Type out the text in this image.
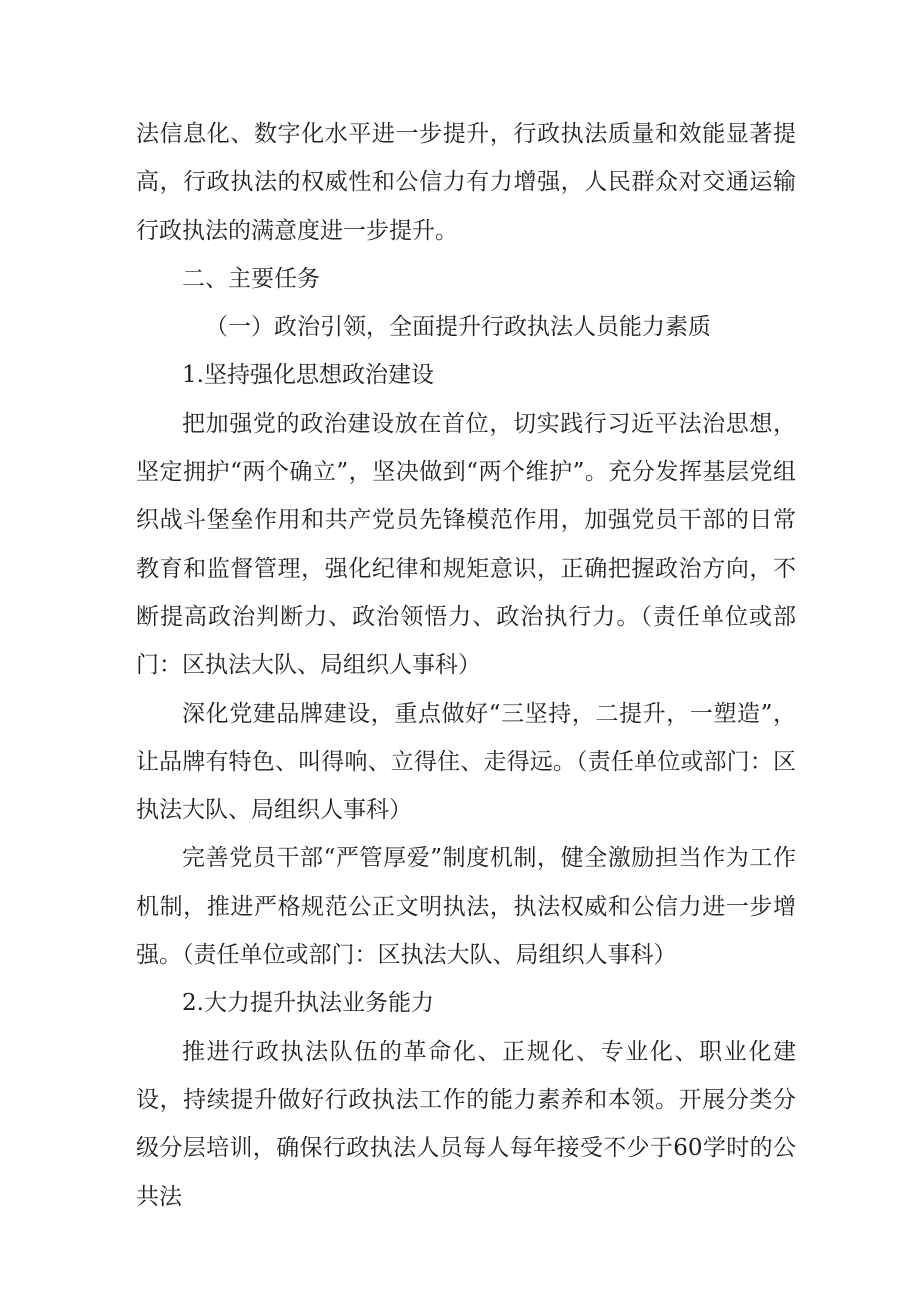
法信息化、数字化水平进一步提升，行政执法质量和效能显著提高，行政执法的权威性和公信力有力增强，人民群众对交通运输行政执法的满意度进一步提升。

二、主要任务

（一）政治引领，全面提升行政执法人员能力素质

1.坚持强化思想政治建设

把加强党的政治建设放在首位，切实践行习近平法治思想，坚定拥护“两个确立”，坚决做到“两个维护”。充分发挥基层党组织战斗堡垒作用和共产党员先锋模范作用，加强党员干部的日常教育和监督管理，强化纪律和规矩意识，正确把握政治方向，不断提高政治判断力、政治领悟力、政治执行力。（责任单位或部门：区执法大队、局组织人事科）

深化党建品牌建设，重点做好“三坚持，二提升，一塑造”，让品牌有特色、叫得响、立得住、走得远。（责任单位或部门：区执法大队、局组织人事科）

完善党员干部“严管厚爱”制度机制，健全激励担当作为工作机制，推进严格规范公正文明执法，执法权威和公信力进一步增强。（责任单位或部门：区执法大队、局组织人事科）

2.大力提升执法业务能力

推进行政执法队伍的革命化、正规化、专业化、职业化建设，持续提升做好行政执法工作的能力素养和本领。开展分类分级分层培训，确保行政执法人员每人每年接受不少于60学时的公共法
